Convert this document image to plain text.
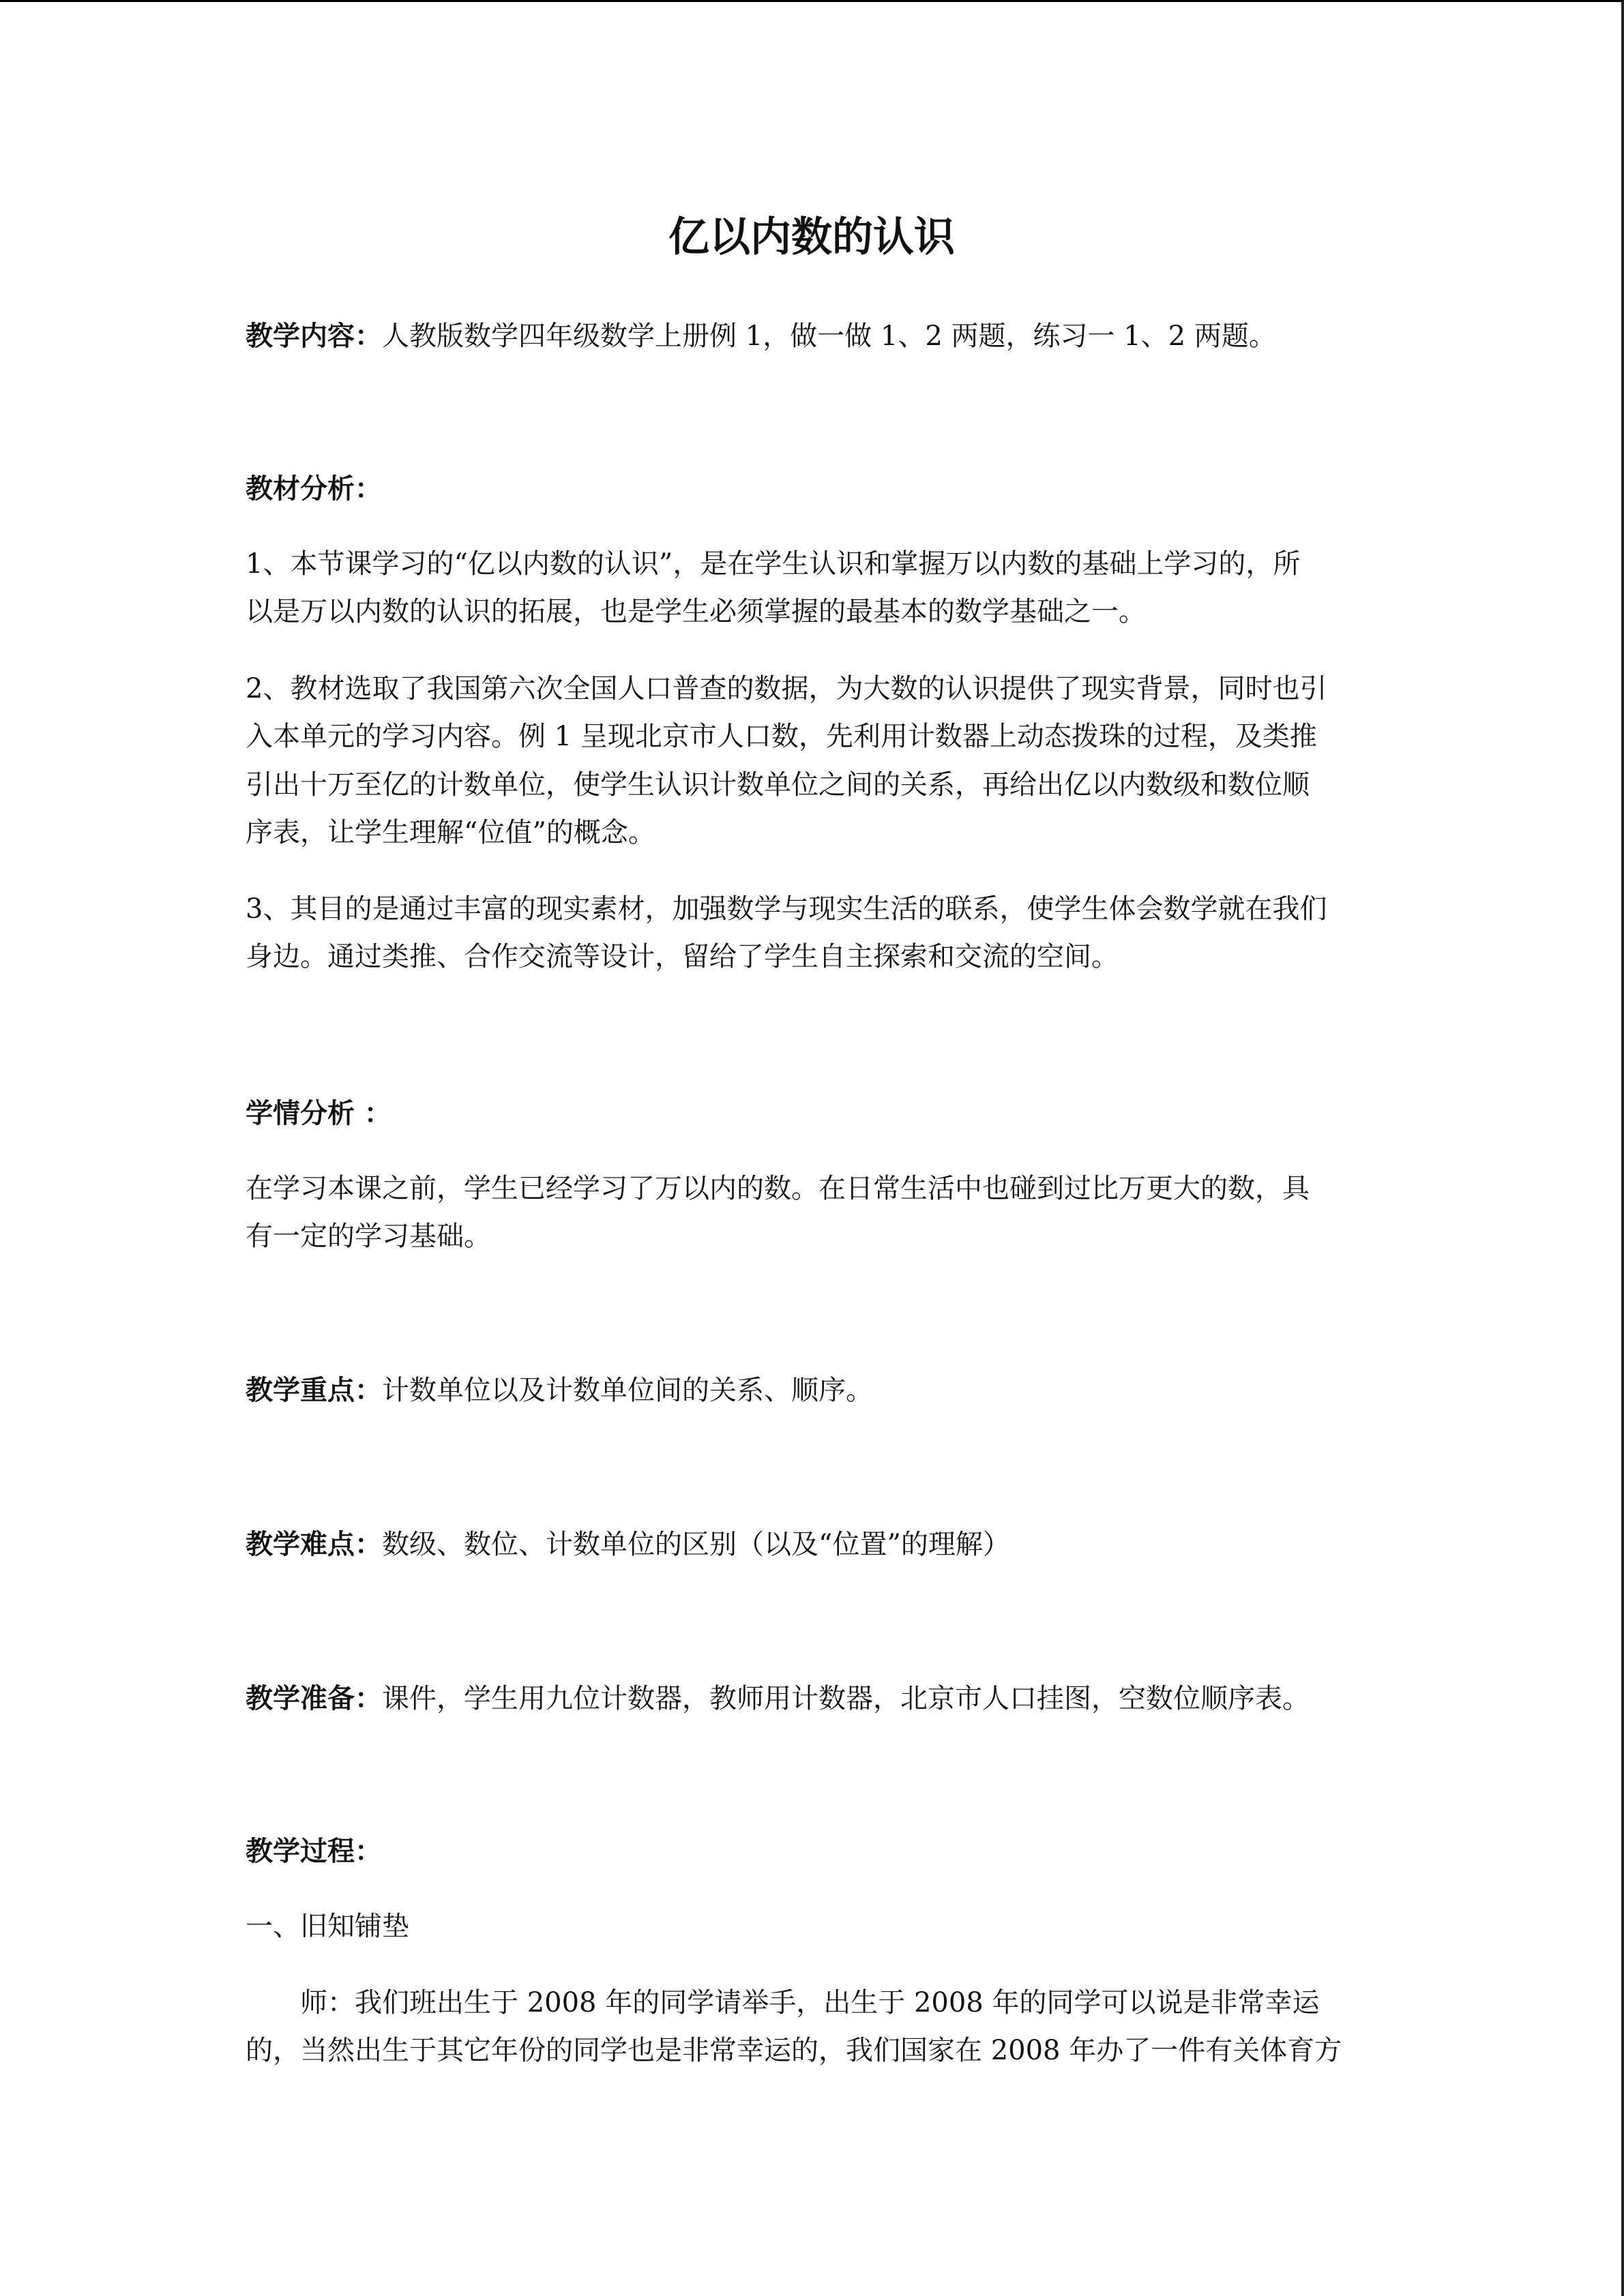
亿以内数的认识
教学内容：人教版数学四年级数学上册例 1，做一做 1、2 两题，练习一 1、2 两题。
教材分析：
1、本节课学习的“亿以内数的认识”，是在学生认识和掌握万以内数的基础上学习的，所
以是万以内数的认识的拓展，也是学生必须掌握的最基本的数学基础之一。
2、教材选取了我国第六次全国人口普查的数据，为大数的认识提供了现实背景，同时也引
入本单元的学习内容。例 1 呈现北京市人口数，先利用计数器上动态拨珠的过程，及类推
引出十万至亿的计数单位，使学生认识计数单位之间的关系，再给出亿以内数级和数位顺
序表，让学生理解“位值”的概念。
3、其目的是通过丰富的现实素材，加强数学与现实生活的联系，使学生体会数学就在我们
身边。通过类推、合作交流等设计，留给了学生自主探索和交流的空间。
学情分析 ：
在学习本课之前，学生已经学习了万以内的数。在日常生活中也碰到过比万更大的数，具
有一定的学习基础。
教学重点：计数单位以及计数单位间的关系、顺序。
教学难点：数级、数位、计数单位的区别（以及“位置”的理解）
教学准备：课件，学生用九位计数器，教师用计数器，北京市人口挂图，空数位顺序表。
教学过程：
一、旧知铺垫
师：我们班出生于 2008 年的同学请举手，出生于 2008 年的同学可以说是非常幸运
的，当然出生于其它年份的同学也是非常幸运的，我们国家在 2008 年办了一件有关体育方
